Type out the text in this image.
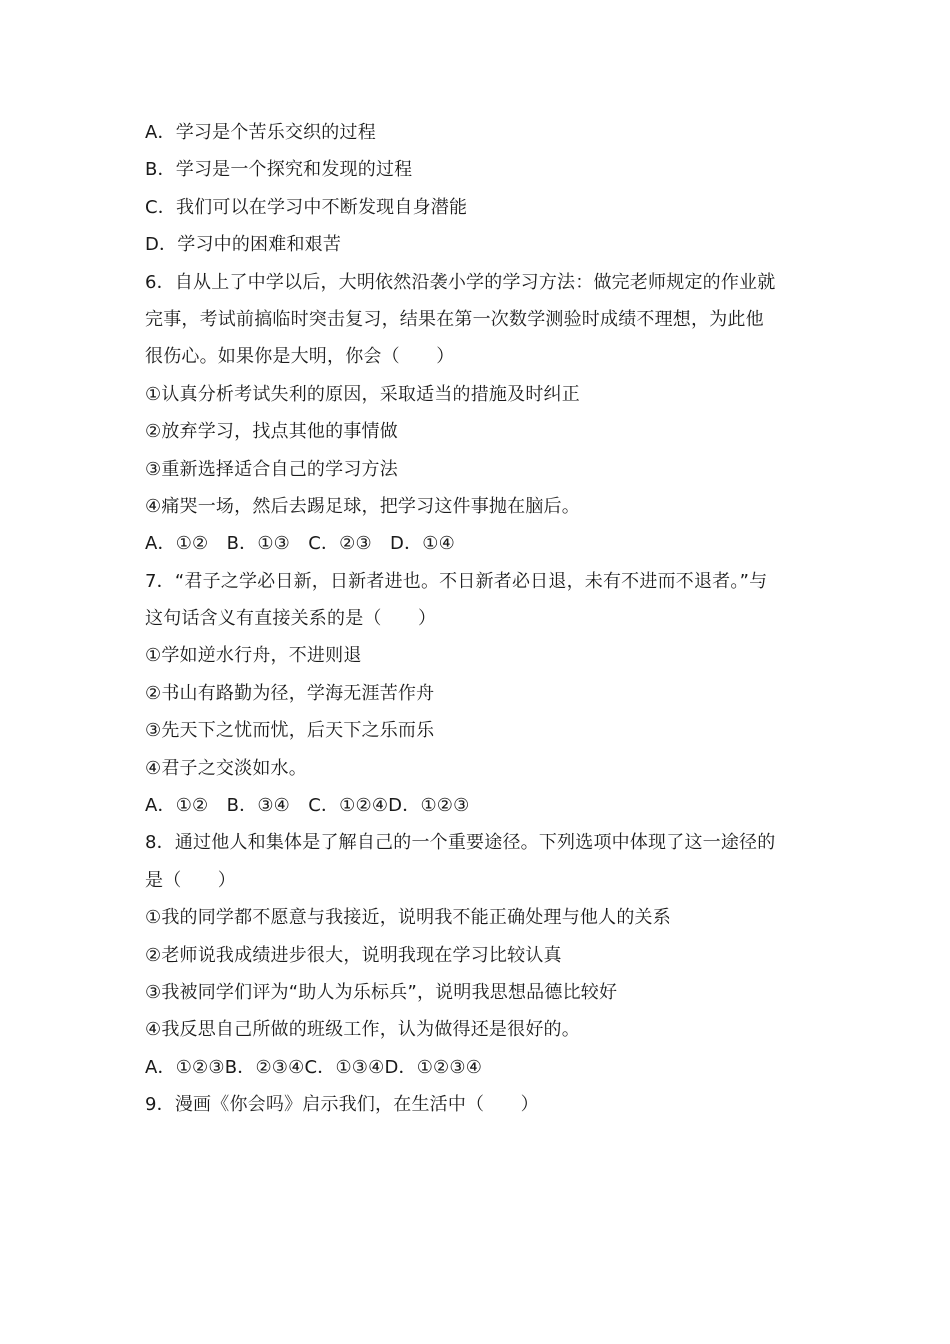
A．学习是个苦乐交织的过程
B．学习是一个探究和发现的过程
C．我们可以在学习中不断发现自身潜能
D．学习中的困难和艰苦
6．自从上了中学以后，大明依然沿袭小学的学习方法：做完老师规定的作业就
完事，考试前搞临时突击复习，结果在第一次数学测验时成绩不理想，为此他
很伤心。如果你是大明，你会（　　）
①认真分析考试失利的原因，采取适当的措施及时纠正
②放弃学习，找点其他的事情做
③重新选择适合自己的学习方法
④痛哭一场，然后去踢足球，把学习这件事抛在脑后。
A．①②　B．①③　C．②③　D．①④
7．“君子之学必日新，日新者进也。不日新者必日退，未有不进而不退者。”与
这句话含义有直接关系的是（　　）
①学如逆水行舟，不进则退
②书山有路勤为径，学海无涯苦作舟
③先天下之忧而忧，后天下之乐而乐
④君子之交淡如水。
A．①②　B．③④　C．①②④D．①②③
8．通过他人和集体是了解自己的一个重要途径。下列选项中体现了这一途径的
是（　　）
①我的同学都不愿意与我接近，说明我不能正确处理与他人的关系
②老师说我成绩进步很大，说明我现在学习比较认真
③我被同学们评为“助人为乐标兵”，说明我思想品德比较好
④我反思自己所做的班级工作，认为做得还是很好的。
A．①②③B．②③④C．①③④D．①②③④
9．漫画《你会吗》启示我们，在生活中（　　）
